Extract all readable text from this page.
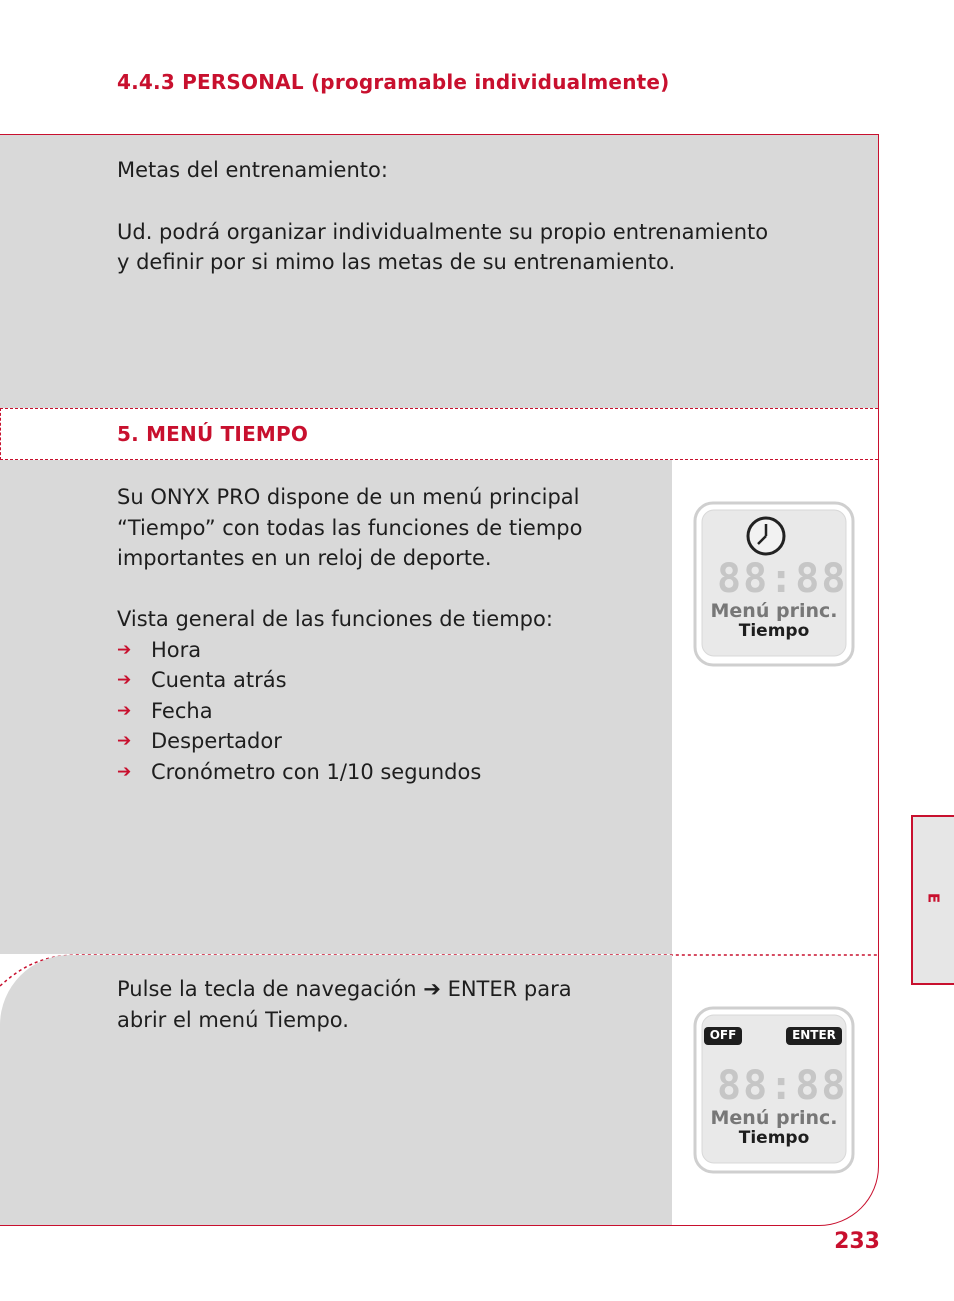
4.4.3 PERSONAL (programable individualmente)
Metas del entrenamiento:
Ud. podrá organizar individualmente su propio entrenamiento
y definir por si mimo las metas de su entrenamiento.
5. MENÚ TIEMPO
Su ONYX PRO dispone de un menú principal
“Tiempo” con todas las funciones de tiempo
importantes en un reloj de deporte.
Vista general de las funciones de tiempo:
➔ Hora
➔ Cuenta atrás
➔ Fecha
➔ Despertador
➔ Cronómetro con 1/10 segundos
Pulse la tecla de navegación ➔ ENTER para
abrir el menú Tiempo.
88:88
Menú princ.
Tiempo
OFF	ENTER
88:88
Menú princ.
Tiempo
E
233
